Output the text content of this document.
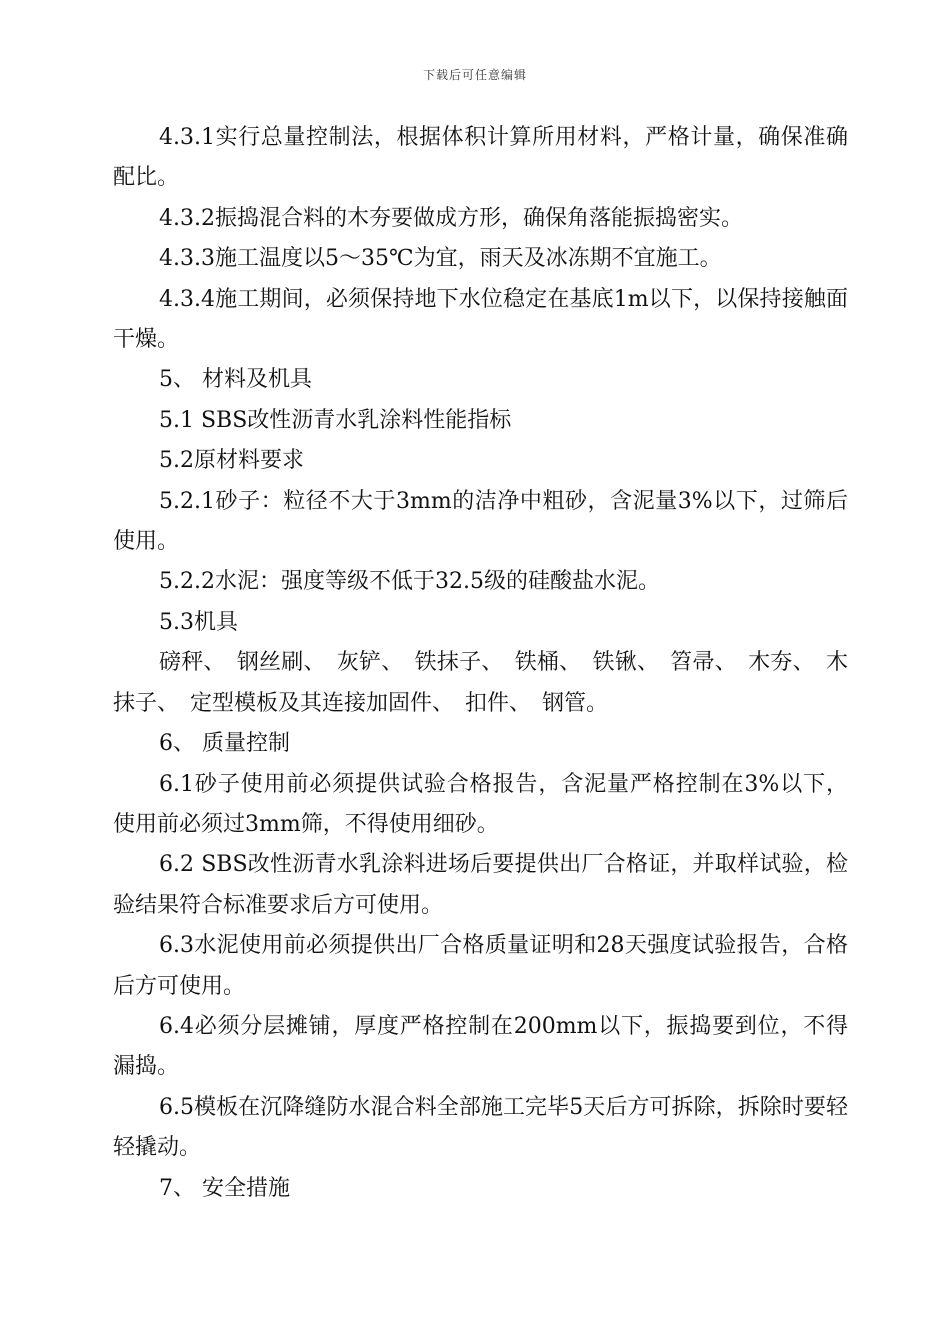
下载后可任意编辑

4.3.1实行总量控制法，根据体积计算所用材料，严格计量，确保准确配比。

4.3.2振捣混合料的木夯要做成方形，确保角落能振捣密实。

4.3.3施工温度以5～35℃为宜，雨天及冰冻期不宜施工。

4.3.4施工期间，必须保持地下水位稳定在基底1m以下，以保持接触面干燥。

5、 材料及机具

5.1 SBS改性沥青水乳涂料性能指标

5.2原材料要求

5.2.1砂子：粒径不大于3mm的洁净中粗砂，含泥量3%以下，过筛后使用。

5.2.2水泥：强度等级不低于32.5级的硅酸盐水泥。

5.3机具

磅秤、 钢丝刷、 灰铲、 铁抹子、 铁桶、 铁锹、 笤帚、 木夯、 木抹子、 定型模板及其连接加固件、 扣件、 钢管。

6、 质量控制

6.1砂子使用前必须提供试验合格报告，含泥量严格控制在3%以下， 使用前必须过3mm筛，不得使用细砂。

6.2 SBS改性沥青水乳涂料进场后要提供出厂合格证，并取样试验，检验结果符合标准要求后方可使用。

6.3水泥使用前必须提供出厂合格质量证明和28天强度试验报告，合格后方可使用。

6.4必须分层摊铺，厚度严格控制在200mm以下，振捣要到位，不得漏捣。

6.5模板在沉降缝防水混合料全部施工完毕5天后方可拆除，拆除时要轻轻撬动。

7、 安全措施
